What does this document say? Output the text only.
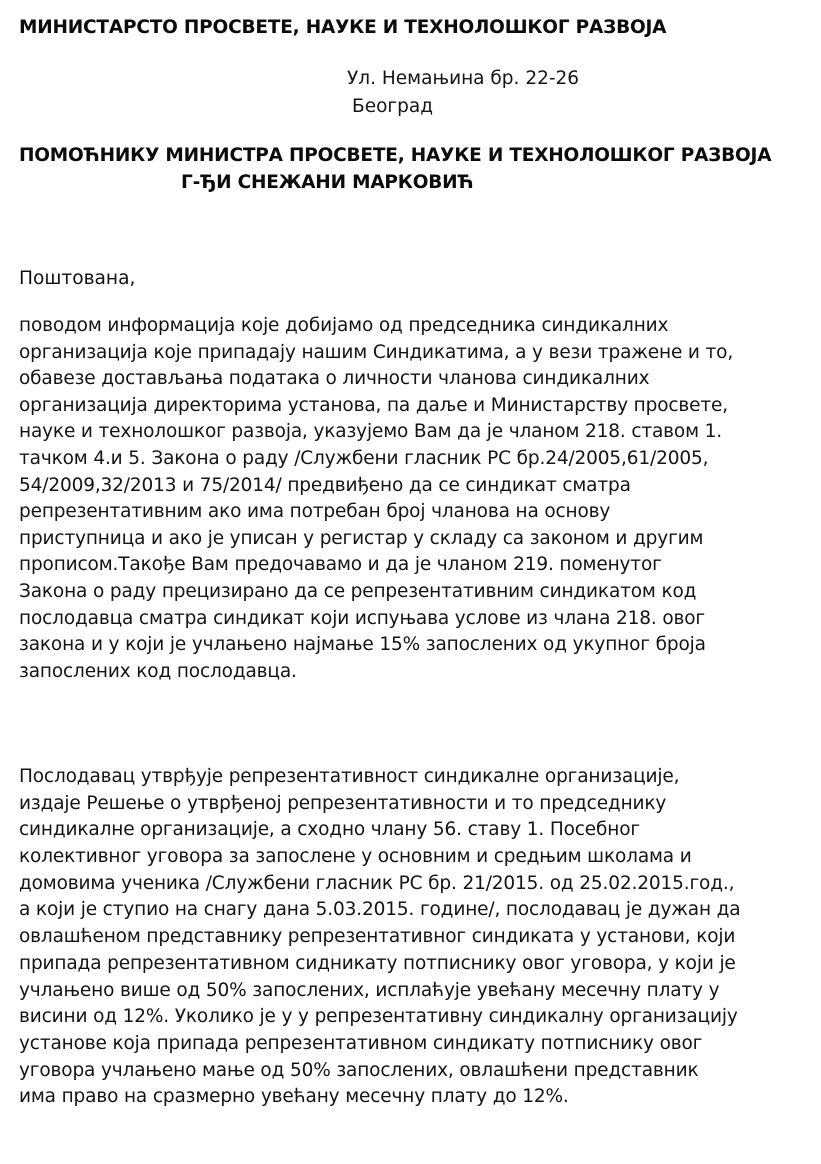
МИНИСТАРСТО ПРОСВЕТЕ, НАУКЕ И ТЕХНОЛОШКОГ РАЗВОЈА
Ул. Немањина бр. 22-26
Београд
ПОМОЋНИКУ МИНИСТРА ПРОСВЕТЕ, НАУКЕ И ТЕХНОЛОШКОГ РАЗВОЈА
Г-ЂИ СНЕЖАНИ МАРКОВИЋ
Поштована,
поводом информација које добијамо од председника синдикалних
организација које припадају нашим Синдикатима, а у вези тражене и то,
обавезе достављања података о личности чланова синдикалних
организација директорима установа, па даље и Министарству просвете,
науке и технолошког развоја, указујемо Вам да је чланом 218. ставом 1.
тачком 4.и 5. Закона о раду /Службени гласник РС бр.24/2005,61/2005,
54/2009,32/2013 и 75/2014/ предвиђено да се синдикат сматра
репрезентативним ако има потребан број чланова на основу
приступница и ако је уписан у регистар у складу са законом и другим
прописом.Такође Вам предочавамо и да је чланом 219. поменутог
Закона о раду прецизирано да се репрезентативним синдикатом код
послодавца сматра синдикат који испуњава услове из члана 218. овог
закона и у који је учлањено најмање 15% запослених од укупног броја
запослених код послодавца.
Послодавац утврђује репрезентативност синдикалне организације,
издаје Решење о утврђеној репрезентативности и то председнику
синдикалне организације, а сходно члану 56. ставу 1. Посебног
колективног уговора за запослене у основним и средњим школама и
домовима ученика /Службени гласник РС бр. 21/2015. од 25.02.2015.год.,
а који је ступио на снагу дана 5.03.2015. године/, послодавац је дужан да
овлашћеном представнику репрезентативног синдиката у установи, који
припада репрезентативном сидникату потписнику овог уговора, у који је
учлањено више од 50% запослених, исплаћује увећану месечну плату у
висини од 12%. Уколико је у у репрезентативну синдикалну организацију
установе која припада репрезентативном синдикату потписнику овог
уговора учлањено мање од 50% запослених, овлашћени представник
има право на сразмерно увећану месечну плату до 12%.
